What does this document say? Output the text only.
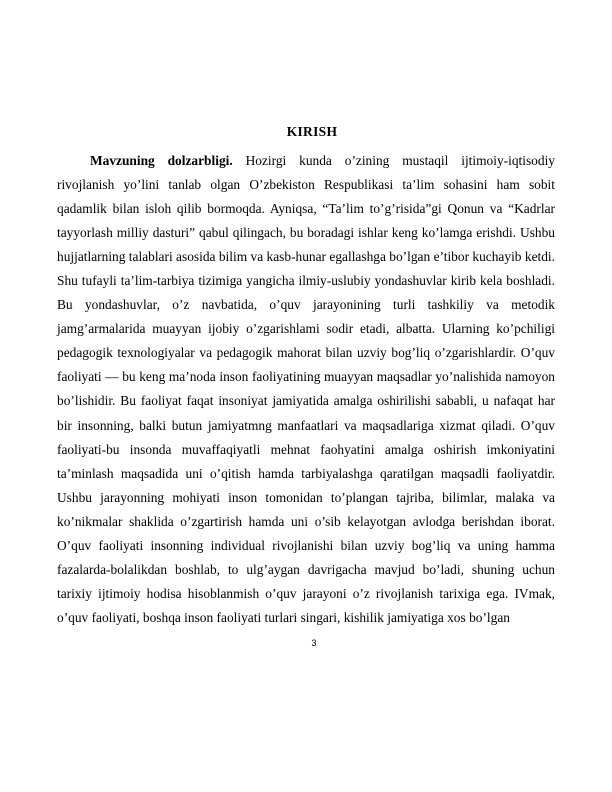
KIRISH

Mavzuning dolzarbligi. Hozirgi kunda o’zining mustaqil ijtimoiy-iqtisodiy rivojlanish yo’lini tanlab olgan O’zbekiston Respublikasi ta’lim sohasini ham sobit qadamlik bilan isloh qilib bormoqda. Ayniqsa, “Ta’lim to’g’risida”gi Qonun va “Kadrlar tayyorlash milliy dasturi” qabul qilingach, bu boradagi ishlar keng ko’lamga erishdi. Ushbu hujjatlarning talablari asosida bilim va kasb-hunar egallashga bo’lgan e’tibor kuchayib ketdi. Shu tufayli ta’lim-tarbiya tizimiga yangicha ilmiy-uslubiy yondashuvlar kirib kela boshladi. Bu yondashuvlar, o’z navbatida, o’quv jarayonining turli tashkiliy va metodik jamg’armalarida muayyan ijobiy o’zgarishlami sodir etadi, albatta. Ularning ko’pchiligi pedagogik texnologiyalar va pedagogik mahorat bilan uzviy bog’liq o’zgarishlardir. O’quv faoliyati — bu keng ma’noda inson faoliyatining muayyan maqsadlar yo’nalishida namoyon bo’lishidir. Bu faoliyat faqat insoniyat jamiyatida amalga oshirilishi sababli, u nafaqat har bir insonning, balki butun jamiyatmng manfaatlari va maqsadlariga xizmat qiladi. O’quv faoliyati-bu insonda muvaffaqiyatli mehnat faohyatini amalga oshirish imkoniyatini ta’minlash maqsadida uni o’qitish hamda tarbiyalashga qaratilgan maqsadli faoliyatdir. Ushbu jarayonning mohiyati inson tomonidan to’plangan tajriba, bilimlar, malaka va ko’nikmalar shaklida o’zgartirish hamda uni o’sib kelayotgan avlodga berishdan iborat. O’quv faoliyati insonning individual rivojlanishi bilan uzviy bog’liq va uning hamma fazalarda-bolalikdan boshlab, to ulg’aygan davrigacha mavjud bo’ladi, shuning uchun tarixiy ijtimoiy hodisa hisoblanmish o’quv jarayoni o’z rivojlanish tarixiga ega. IVmak, o’quv faoliyati, boshqa inson faoliyati turlari singari, kishilik jamiyatiga xos bo’lgan

3
